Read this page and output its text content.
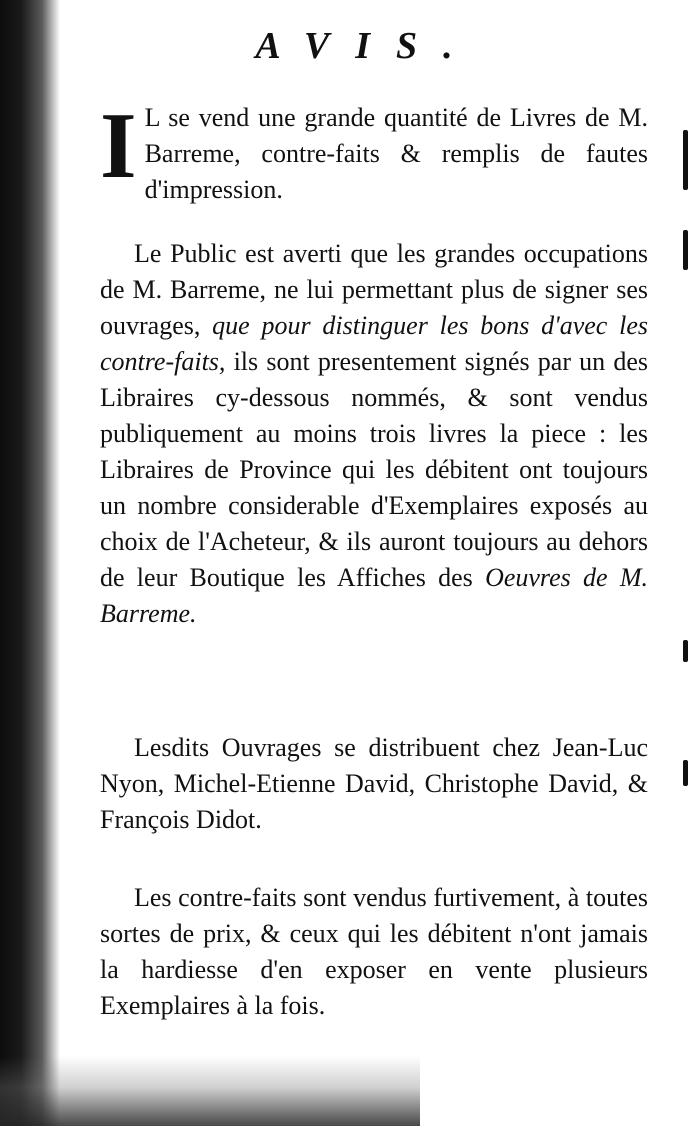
AVIS.
I L se vend une grande quantité de Livres de M. Barreme, contre-faits & remplis de fautes d'impression.
Le Public est averti que les grandes occupations de M. Barreme, ne lui permettant plus de signer ses ouvrages, que pour distinguer les bons d'avec les contre-faits, ils sont presentement signés par un des Libraires cy-dessous nommés, & sont vendus publiquement au moins trois livres la piece : les Libraires de Province qui les débitent ont toujours un nombre considerable d'Exemplaires exposés au choix de l'Acheteur, & ils auront toujours au dehors de leur Boutique les Affiches des Oeuvres de M. Barreme.
Lesdits Ouvrages se distribuent chez Jean-Luc Nyon, Michel-Etienne David, Christophe David, & François Didot.
Les contre-faits sont vendus furtivement, à toutes sortes de prix, & ceux qui les débitent n'ont jamais la hardiesse d'en exposer en vente plusieurs Exemplaires à la fois.
